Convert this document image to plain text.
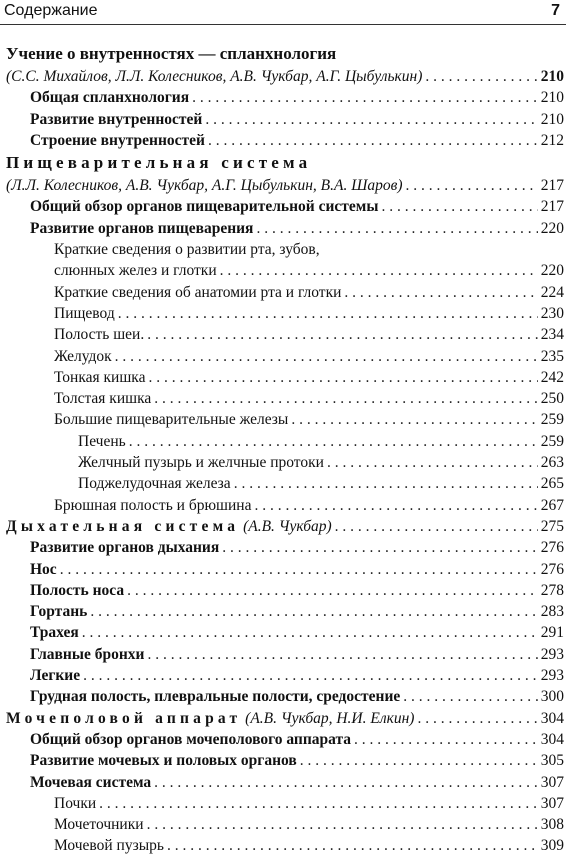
Содержание	7
Учение о внутренностях — спланхнология
(С.С. Михайлов, Л.Л. Колесников, А.В. Чукбар, А.Г. Цыбулькин) . . .	210
Общая спланхнология . . .	210
Развитие внутренностей . . .	210
Строение внутренностей . . .	212
Пищеварительная система
(Л.Л. Колесников, А.В. Чукбар, А.Г. Цыбулькин, В.А. Шаров) . . .	217
Общий обзор органов пищеварительной системы . . .	217
Развитие органов пищеварения . . .	220
Краткие сведения о развитии рта, зубов,
слюнных желез и глотки . . .	220
Краткие сведения об анатомии рта и глотки . . .	224
Пищевод . . .	230
Полость шеи. . . .	234
Желудок . . .	235
Тонкая кишка . . .	242
Толстая кишка . . .	250
Большие пищеварительные железы . . .	259
Печень . . .	259
Желчный пузырь и желчные протоки . . .	263
Поджелудочная железа . . .	265
Брюшная полость и брюшина . . .	267
Дыхательная система (А.В. Чукбар) . . .	275
Развитие органов дыхания . . .	276
Нос . . .	276
Полость носа . . .	278
Гортань . . .	283
Трахея . . .	291
Главные бронхи . . .	293
Легкие . . .	293
Грудная полость, плевральные полости, средостение . . .	300
Мочеполовой аппарат (А.В. Чукбар, Н.И. Елкин) . . .	304
Общий обзор органов мочеполового аппарата . . .	304
Развитие мочевых и половых органов . . .	305
Мочевая система . . .	307
Почки . . .	307
Мочеточники . . .	308
Мочевой пузырь . . .	309
